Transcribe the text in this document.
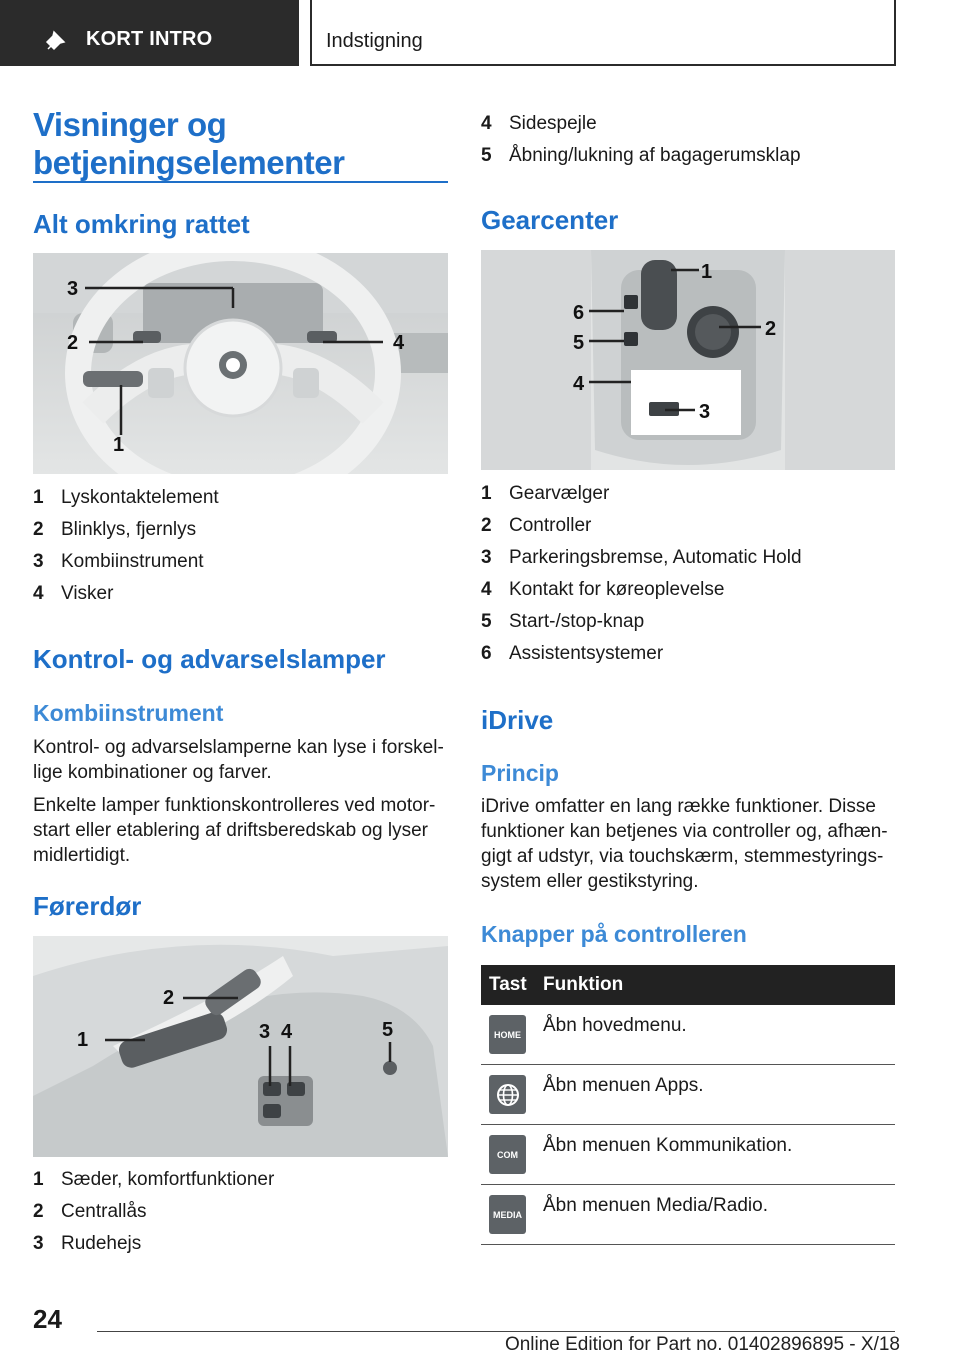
KORT INTRO	Indstigning
Visninger og
betjeningselementer
Alt omkring rattet
3
2	4
1
1 Lyskontaktelement
2 Blinklys, fjernlys
3 Kombiinstrument
4 Visker
Kontrol- og advarselslamper
Kombiinstrument
Kontrol- og advarselslamperne kan lyse i forskel-lige kombinationer og farver.
Enkelte lamper funktionskontrolleres ved motor-start eller etablering af driftsberedskab og lyser midlertidigt.
Førerdør
1
2
3 4	5
1 Sæder, komfortfunktioner
2 Centrallås
3 Rudehejs
4 Sidespejle
5 Åbning/lukning af bagagerumsklap
Gearcenter
1
2
3
4
5
6
1 Gearvælger
2 Controller
3 Parkeringsbremse, Automatic Hold
4 Kontakt for køreoplevelse
5 Start-/stop-knap
6 Assistentsystemer
iDrive
Princip
iDrive omfatter en lang række funktioner. Disse funktioner kan betjenes via controller og, afhæn-gigt af udstyr, via touchskærm, stemmestyrings-system eller gestikstyring.
Knapper på controlleren
Tast Funktion
HOME Åbn hovedmenu.
Åbn menuen Apps.
COM	Åbn menuen Kommunikation.
MEDIA Åbn menuen Media/Radio.
24
Online Edition for Part no. 01402896895 - X/18
